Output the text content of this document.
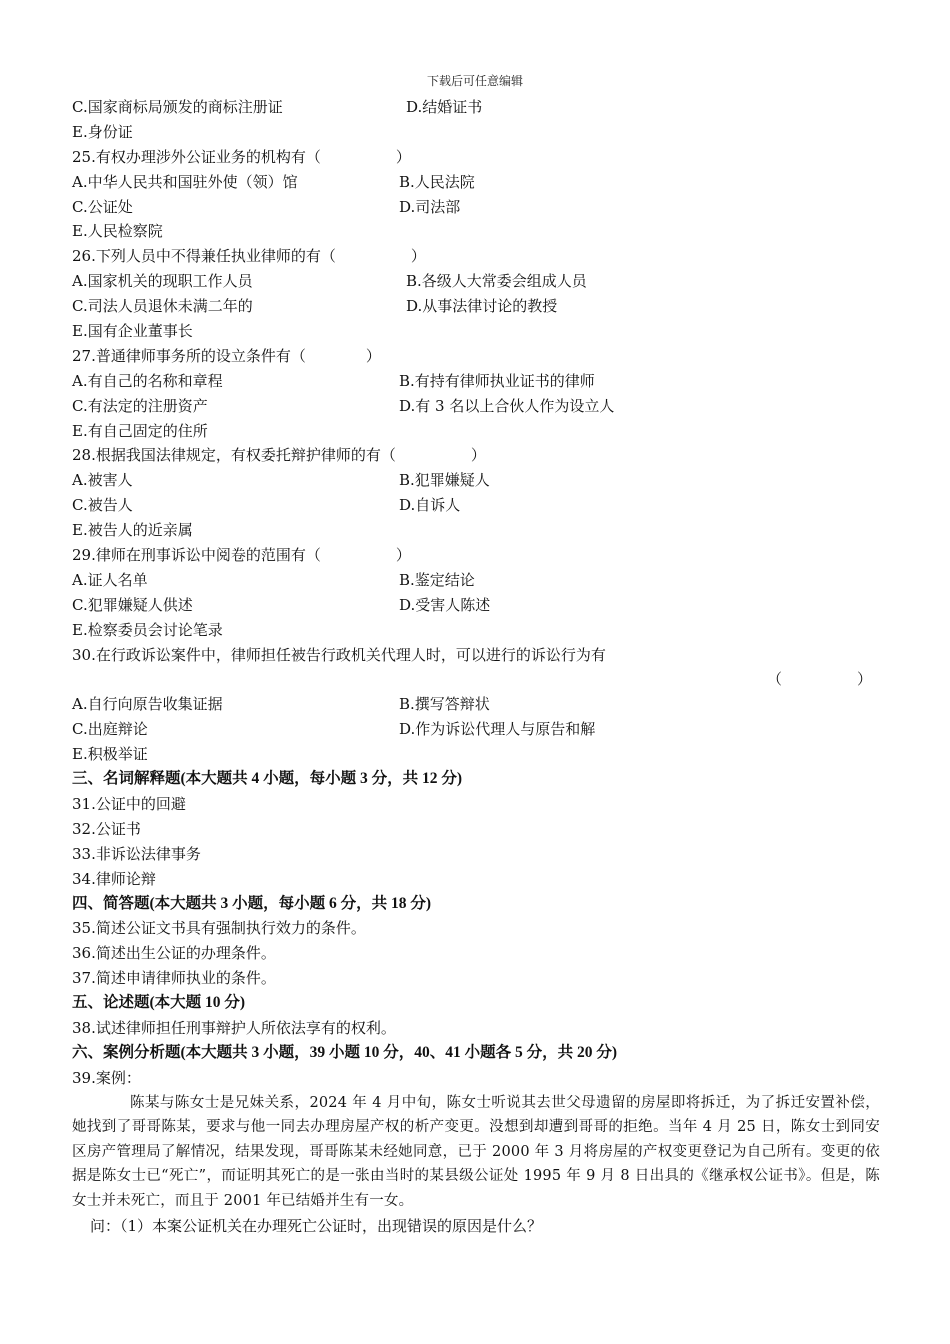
下载后可任意编辑
C.国家商标局颁发的商标注册证	D.结婚证书
E.身份证
25.有权办理涉外公证业务的机构有（　　　　　）
A.中华人民共和国驻外使（领）馆	B.人民法院
C.公证处	D.司法部
E.人民检察院
26.下列人员中不得兼任执业律师的有（　　　　　）
A.国家机关的现职工作人员	B.各级人大常委会组成人员
C.司法人员退休未满二年的	D.从事法律讨论的教授
E.国有企业董事长
27.普通律师事务所的设立条件有（　　　　）
A.有自己的名称和章程	B.有持有律师执业证书的律师
C.有法定的注册资产	D.有 3 名以上合伙人作为设立人
E.有自己固定的住所
28.根据我国法律规定，有权委托辩护律师的有（　　　　　）
A.被害人	B.犯罪嫌疑人
C.被告人	D.自诉人
E.被告人的近亲属
29.律师在刑事诉讼中阅卷的范围有（　　　　　）
A.证人名单	B.鉴定结论
C.犯罪嫌疑人供述	D.受害人陈述
E.检察委员会讨论笔录
30.在行政诉讼案件中，律师担任被告行政机关代理人时，可以进行的诉讼行为有
（　　　　　）
A.自行向原告收集证据	B.撰写答辩状
C.出庭辩论	D.作为诉讼代理人与原告和解
E.积极举证
三、名词解释题(本大题共 4 小题，每小题 3 分，共 12 分)
31.公证中的回避
32.公证书
33.非诉讼法律事务
34.律师论辩
四、简答题(本大题共 3 小题，每小题 6 分，共 18 分)
35.简述公证文书具有强制执行效力的条件。
36.简述出生公证的办理条件。
37.简述申请律师执业的条件。
五、论述题(本大题 10 分)
38.试述律师担任刑事辩护人所依法享有的权利。
六、案例分析题(本大题共 3 小题，39 小题 10 分，40、41 小题各 5 分，共 20 分)
39.案例：

陈某与陈女士是兄妹关系，2024 年 4 月中旬，陈女士听说其去世父母遗留的房屋即将拆迁，为了拆迁安置补偿，她找到了哥哥陈某，要求与他一同去办理房屋产权的析产变更。没想到却遭到哥哥的拒绝。当年 4 月 25 日，陈女士到同安区房产管理局了解情况，结果发现，哥哥陈某未经她同意，已于 2000 年 3 月将房屋的产权变更登记为自己所有。变更的依据是陈女士已“死亡”，而证明其死亡的是一张由当时的某县级公证处 1995 年 9 月 8 日出具的《继承权公证书》。但是，陈女士并未死亡，而且于 2001 年已结婚并生有一女。

问：（1）本案公证机关在办理死亡公证时，出现错误的原因是什么？
